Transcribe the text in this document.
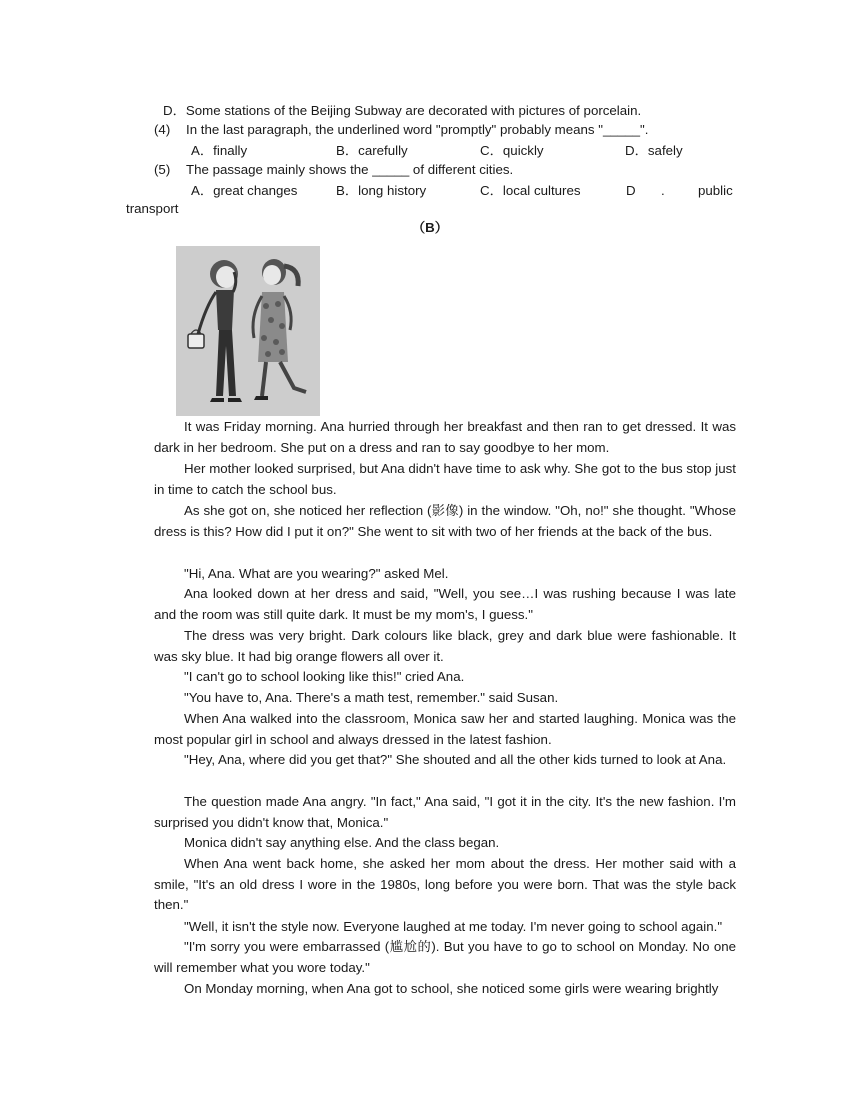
D．Some stations of the Beijing Subway are decorated with pictures of porcelain.
(4) In the last paragraph, the underlined word "promptly" probably means "_____".
A．finally	B．carefully	C．quickly	D．safely
(5) The passage mainly shows the _____ of different cities.
A．great changes	B．long history	C．local cultures	D .	public
transport
（B）
It was Friday morning. Ana hurried through her breakfast and then ran to get dressed. It was dark in her bedroom. She put on a dress and ran to say goodbye to her mom.
Her mother looked surprised, but Ana didn't have time to ask why. She got to the bus stop just in time to catch the school bus.
As she got on, she noticed her reflection (影像) in the window. "Oh, no!" she thought. "Whose dress is this? How did I put it on?" She went to sit with two of her friends at the back of the bus.
"Hi, Ana. What are you wearing?" asked Mel.
Ana looked down at her dress and said, "Well, you see…I was rushing because I was late and the room was still quite dark. It must be my mom's, I guess."
The dress was very bright. Dark colours like black, grey and dark blue were fashionable. It was sky blue. It had big orange flowers all over it.
"I can't go to school looking like this!" cried Ana.
"You have to, Ana. There's a math test, remember." said Susan.
When Ana walked into the classroom, Monica saw her and started laughing. Monica was the most popular girl in school and always dressed in the latest fashion.
"Hey, Ana, where did you get that?" She shouted and all the other kids turned to look at Ana.
The question made Ana angry. "In fact," Ana said, "I got it in the city. It's the new fashion. I'm surprised you didn't know that, Monica."
Monica didn't say anything else. And the class began.
When Ana went back home, she asked her mom about the dress. Her mother said with a smile, "It's an old dress I wore in the 1980s, long before you were born. That was the style back then."
"Well, it isn't the style now. Everyone laughed at me today. I'm never going to school again."
"I'm sorry you were embarrassed (尴尬的). But you have to go to school on Monday. No one will remember what you wore today."
On Monday morning, when Ana got to school, she noticed some girls were wearing brightly
